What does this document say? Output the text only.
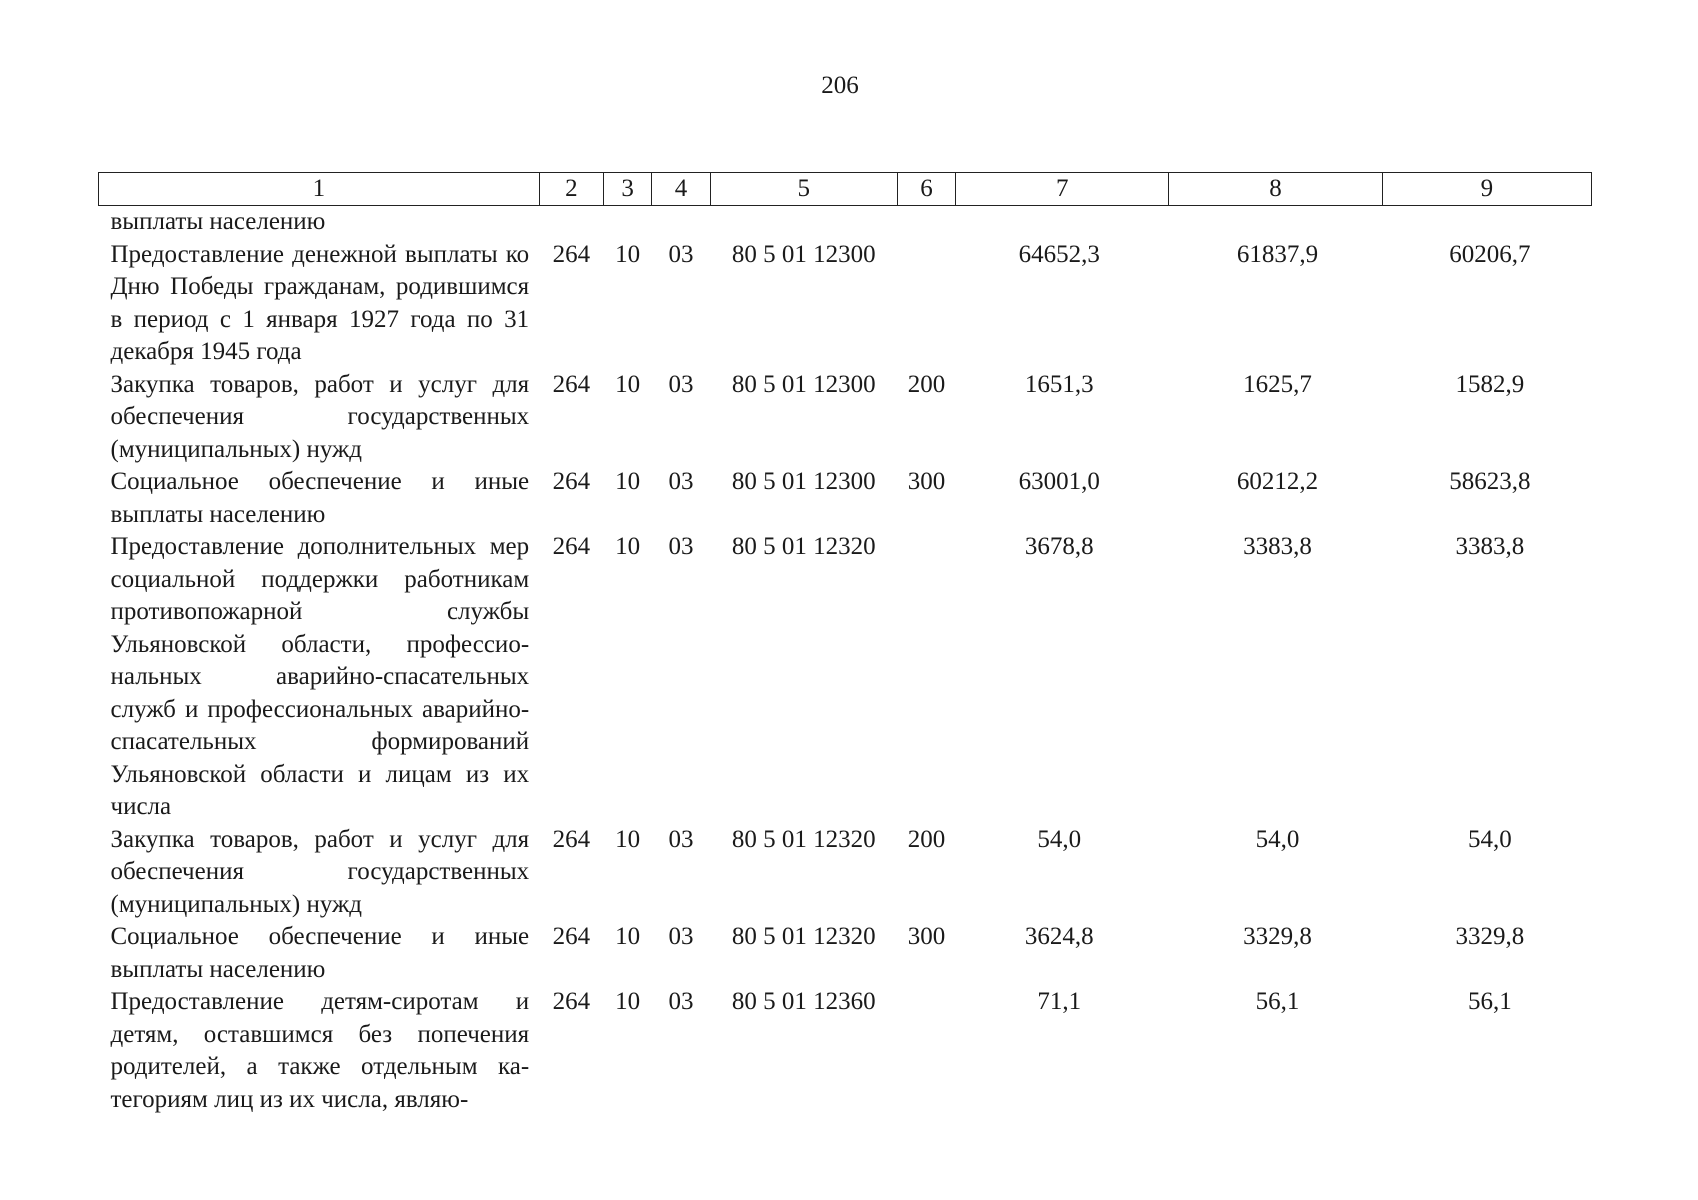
206
1	2	3	4	5	6	7	8	9
выплаты населению								
Предоставление денежной выплаты ко Дню Победы гражданам, родившимся в период с 1 января 1927 года по 31 декабря 1945 года	264	10	03	80 5 01 12300		64652,3	61837,9	60206,7
Закупка товаров, работ и услуг для обеспечения государственных (муниципальных) нужд	264	10	03	80 5 01 12300	200	1651,3	1625,7	1582,9
Социальное обеспечение и иные выплаты населению	264	10	03	80 5 01 12300	300	63001,0	60212,2	58623,8
Предоставление дополнительных мер социальной поддержки работникам противопожарной службы Ульяновской области, профессиональных аварийно-спасательных служб и профессиональных аварийно-спасательных формирований Ульяновской области и лицам из их числа	264	10	03	80 5 01 12320		3678,8	3383,8	3383,8
Закупка товаров, работ и услуг для обеспечения государственных (муниципальных) нужд	264	10	03	80 5 01 12320	200	54,0	54,0	54,0
Социальное обеспечение и иные выплаты населению	264	10	03	80 5 01 12320	300	3624,8	3329,8	3329,8
Предоставление детям-сиротам и детям, оставшимся без попечения родителей, а также отдельным категориям лиц из их числа, являю-	264	10	03	80 5 01 12360		71,1	56,1	56,1
